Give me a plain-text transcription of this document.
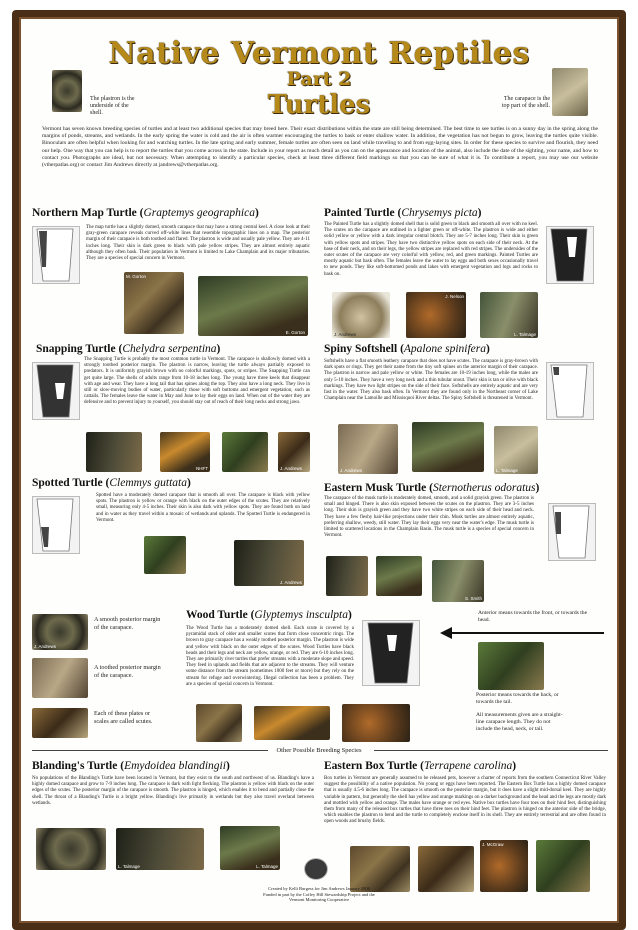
Native Vermont Reptiles
Part 2
Turtles
The plastron is the underside of the shell.
The carapace is the top part of the shell.
Vermont has seven known breeding species of turtles and at least two additional species that may breed here. Their exact distributions within the state are still being determined. The best time to see turtles is on a sunny day in the spring along the margins of ponds, streams, and wetlands. In the early spring the water is cold and the air is often warmer encouraging the turtles to bask or enter shallow water. In addition, the vegetation has not begun to grow, leaving the turtles quite visible. Binoculars are often helpful when looking for and watching turtles. In the late spring and early summer, female turtles are often seen on land while traveling to and from egg-laying sites. In order for these species to survive and flourish, they need our help. One way that you can help is to report the turtles that you come across in the state. Include in your report as much detail as you can on the appearance and location of the animal, also include the date of the sighting, your name, and how to contact you. Photographs are ideal, but not necessary. When attempting to identify a particular species, check at least three different field markings so that you can be sure of what it is. To contribute a report, you may use our website (vtherpatlas.org) or contact Jim Andrews directly at jandrews@vtherpatlas.org.
Northern Map Turtle (Graptemys geographica)
The map turtle has a slightly domed, smooth carapace that may have a strong central keel. A close look at their gray-green carapace reveals curved off-white lines that resemble topographic lines on a map. The posterior margin of their carapace is both toothed and flared. The plastron is wide and usually pale yellow. They are 4-11 inches long. Their skin is dark green to black with pale yellow stripes. They are almost entirely aquatic although they often bask. Their population in Vermont is limited to Lake Champlain and its major tributaries. They are a species of special concern in Vermont.
M. Gorton
E. Gorton
Painted Turtle (Chrysemys picta)
The Painted Turtle has a slightly domed shell that is solid green to black and smooth all over with no keel. The scutes on the carapace are outlined in a lighter green or off-white. The plastron is wide and either solid yellow or yellow with a dark irregular central blotch. They are 5-7 inches long. Their skin is green with yellow spots and stripes. They have two distinctive yellow spots on each side of their neck. At the base of their neck, and on their legs, the yellow stripes are replaced with red stripes. The undersides of the outer scutes of the carapace are very colorful with yellow, red, and green markings. Painted Turtles are mostly aquatic but bask often. The females leave the water to lay eggs and both sexes occasionally travel to new ponds. They like soft-bottomed ponds and lakes with emergent vegetation and logs and rocks to bask on.
J. Andrews
J. Nelson
L. Talmage
Snapping Turtle (Chelydra serpentina)
The Snapping Turtle is probably the most common turtle in Vermont. The carapace is shallowly domed with a strongly toothed posterior margin. The plastron is narrow, leaving the turtle always partially exposed to predators. It is uniformly grayish brown with no colorful markings, spots, or stripes. The Snapping Turtle can get quite large. The shells of adults range from 10-18 inches long. The young have three keels that disappear with age and wear. They have a long tail that has spines along the top. They also have a long neck. They live in still or slow-moving bodies of water, particularly those with soft bottoms and emergent vegetation, such as cattails. The females leave the water in May and June to lay their eggs on land. When out of the water they are defensive and to prevent injury to yourself, you should stay out of reach of their long necks and strong jaws.
NHFT	J. Andrews
Spiny Softshell (Apalone spinifera)
Softshells have a flat smooth leathery carapace that does not have scutes. The carapace is gray-brown with dark spots or rings. They get their name from the tiny soft spines on the anterior margin of their carapace. The plastron is narrow and pale yellow or white. The females are 10-19 inches long, while the males are only 5-10 inches. They have a very long neck and a thin tubular snout. Their skin is tan or olive with black markings. They have two light stripes on the side of their face. Softshells are entirely aquatic and are very fast in the water. They also bask often. In Vermont they are found only in the Northeast corner of Lake Champlain near the Lamoille and Missisquoi River deltas. The Spiny Softshell is threatened in Vermont.
J. Andrews	L. Talmage
Spotted Turtle (Clemmys guttata)
Spotted have a moderately domed carapace that is smooth all over. The carapace is black with yellow spots. The plastron is yellow or orange with black on the outer edges of the scutes. They are relatively small, measuring only 4-5 inches. Their skin is also dark with yellow spots. They are found both on land and in water as they travel within a mosaic of wetlands and uplands. The Spotted Turtle is endangered in Vermont.
J. Andrews
Eastern Musk Turtle (Sternotherus odoratus)
The carapace of the musk turtle is moderately domed, smooth, and a solid grayish green. The plastron is small and hinged. There is also skin exposed between the scutes on the plastron. They are 3-5 inches long. Their skin is grayish green and they have two white stripes on each side of their head and neck. They have a few fleshy hair-like projections under their chin. Musk turtles are almost entirely aquatic, preferring shallow, weedy, still water. They lay their eggs very near the water's edge. The musk turtle is limited to scattered locations in the Champlain Basin. The musk turtle is a species of special concern in Vermont.
S. Smith
J. Andrews
A smooth posterior margin of the carapace.
A toothed posterior margin of the carapace.
Each of these plates or scales are called scutes.
Wood Turtle (Glyptemys insculpta)
The Wood Turtle has a moderately domed shell. Each scute is covered by a pyramidal stack of older and smaller scutes that form close concentric rings. The brown to gray carapace has a weakly toothed posterior margin. The plastron is wide and yellow with black on the outer edges of the scutes. Wood Turtles have black heads and their legs and neck are yellow, orange, or red. They are 6-10 inches long. They are primarily river turtles that prefer streams with a moderate slope and speed. They feed in uplands and fields that are adjacent to the streams. They will venture some distance from the stream (sometimes 1000 feet or more) but they rely on the stream for refuge and overwintering. Illegal collection has been a problem. They are a species of special concern in Vermont.
Anterior means towards the front, or towards the head.
Posterior means towards the back, or towards the tail.
All measurements given are a straight-line carapace length. They do not include the head, neck, or tail.
Other Possible Breeding Species
Blanding's Turtle (Emydoidea blandingii)
No populations of the Blanding's Turtle have been located in Vermont, but they exist to the south and northwest of us. Blanding's have a highly domed carapace and grow to 7-9 inches long. The carapace is dark with light flecking. The plastron is yellow with black on the outer edges of the scutes. The posterior margin of the carapace is smooth. The plastron is hinged, which enables it to bend and partially close the shell. The throat of a Blanding's Turtle is a bright yellow. Blanding's live primarily in wetlands but they also travel overland between wetlands.
L. Talmage	L. Talmage
Eastern Box Turtle (Terrapene carolina)
Box turtles in Vermont are generally assumed to be released pets, however a charter of reports from the southern Connecticut River Valley suggest the possibility of a native population. No young or eggs have been reported. The Eastern Box Turtle has a highly domed carapace that is usually 4.5-6 inches long. The carapace is smooth on the posterior margin, but it does have a slight mid-dorsal keel. They are highly variable in pattern, but generally the shell has yellow and orange markings on a darker background and the head and the legs are mostly dark and mottled with yellow and orange. The males have orange or red eyes. Native box turtles have four toes on their hind feet, distinguishing them from many of the released box turtles that have three toes on their hind feet. The plastron is hinged on the anterior side of the bridge, which enables the plastron to bend and the turtle to completely enclose itself in its shell. They are entirely terrestrial and are often found in open woods and brushy fields.
J. McGraw
Created by Kelli Burgess for Jim Andrews January 2006
Funded in part by the Coffey Hill Stewardship Project and the
Vermont Monitoring Cooperative
